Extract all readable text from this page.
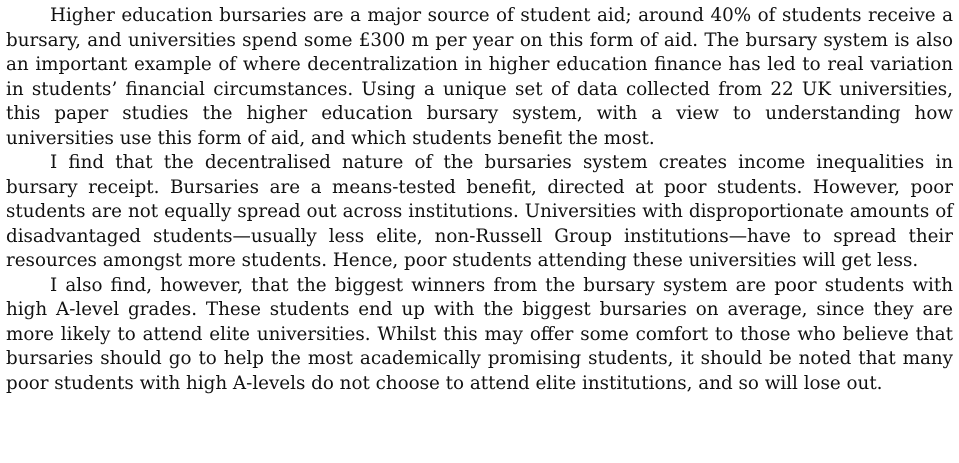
Higher education bursaries are a major source of student aid; around 40% of students receive a bursary, and universities spend some £300 m per year on this form of aid. The bursary system is also an important example of where decentralization in higher education finance has led to real variation in students’ financial circumstances. Using a unique set of data collected from 22 UK universities, this paper studies the higher education bursary system, with a view to understanding how universities use this form of aid, and which students benefit the most.

I find that the decentralised nature of the bursaries system creates income inequalities in bursary receipt. Bursaries are a means-tested benefit, directed at poor students. However, poor students are not equally spread out across institutions. Universities with disproportionate amounts of disadvantaged students—usually less elite, non-Russell Group institutions—have to spread their resources amongst more students. Hence, poor students attending these universities will get less.

I also find, however, that the biggest winners from the bursary system are poor students with high A-level grades. These students end up with the biggest bursaries on average, since they are more likely to attend elite universities. Whilst this may offer some comfort to those who believe that bursaries should go to help the most academically promising students, it should be noted that many poor students with high A-levels do not choose to attend elite institutions, and so will lose out.
